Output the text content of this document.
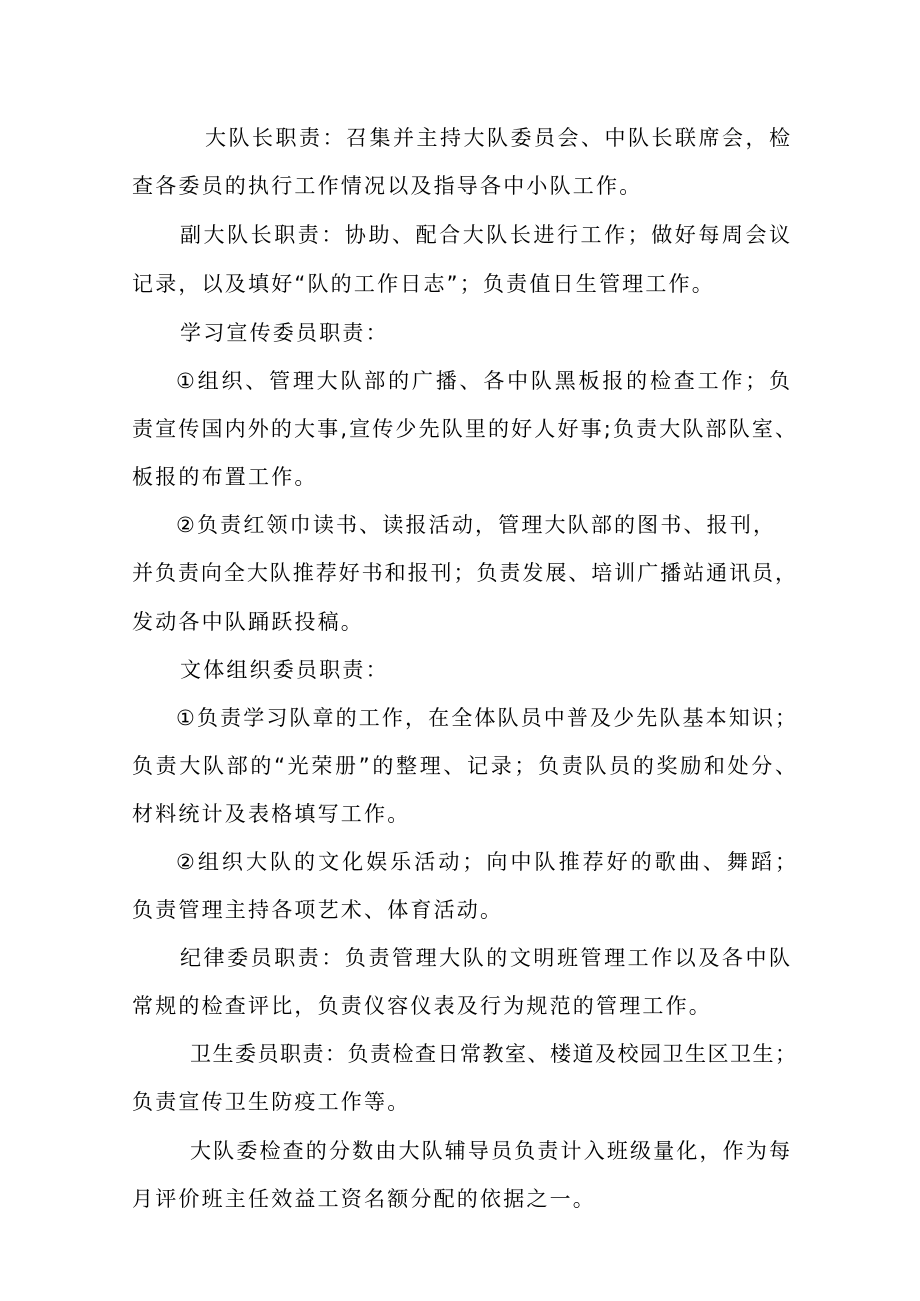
大队长职责：召集并主持大队委员会、中队长联席会，检
查各委员的执行工作情况以及指导各中小队工作。
副大队长职责：协助、配合大队长进行工作；做好每周会议
记录，以及填好“队的工作日志”；负责值日生管理工作。
学习宣传委员职责：
①组织、管理大队部的广播、各中队黑板报的检查工作；负
责宣传国内外的大事,宣传少先队里的好人好事;负责大队部队室、
板报的布置工作。
②负责红领巾读书、读报活动，管理大队部的图书、报刊，
并负责向全大队推荐好书和报刊；负责发展、培训广播站通讯员，
发动各中队踊跃投稿。
文体组织委员职责：
①负责学习队章的工作，在全体队员中普及少先队基本知识；
负责大队部的“光荣册”的整理、记录；负责队员的奖励和处分、
材料统计及表格填写工作。
②组织大队的文化娱乐活动；向中队推荐好的歌曲、舞蹈；
负责管理主持各项艺术、体育活动。
纪律委员职责：负责管理大队的文明班管理工作以及各中队
常规的检查评比，负责仪容仪表及行为规范的管理工作。
卫生委员职责：负责检查日常教室、楼道及校园卫生区卫生；
负责宣传卫生防疫工作等。
大队委检查的分数由大队辅导员负责计入班级量化，作为每
月评价班主任效益工资名额分配的依据之一。
